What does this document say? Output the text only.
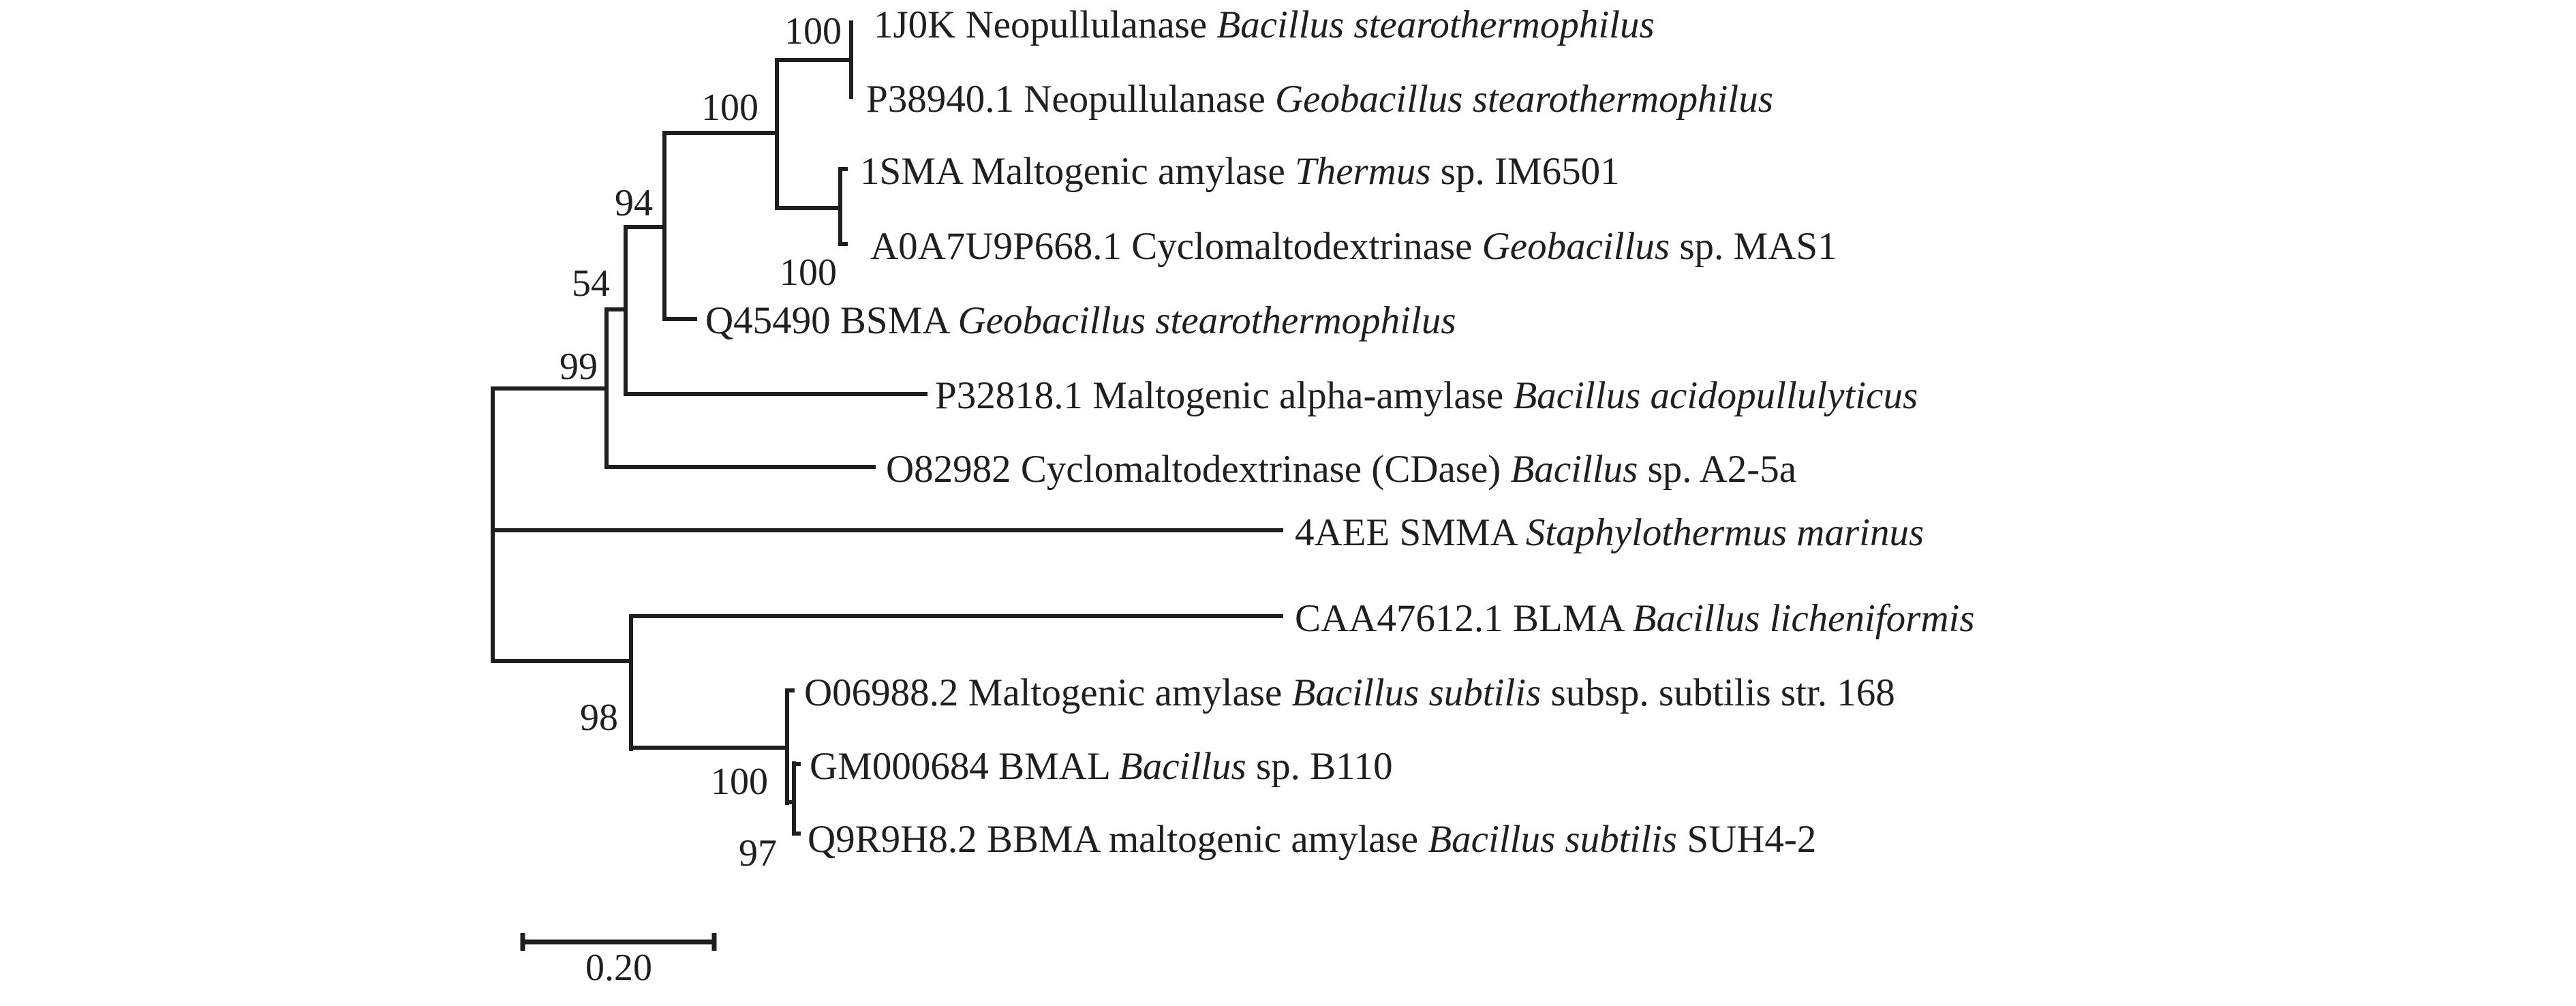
1J0K Neopullulanase Bacillus stearothermophilus
P38940.1 Neopullulanase Geobacillus stearothermophilus
1SMA Maltogenic amylase Thermus sp. IM6501
A0A7U9P668.1 Cyclomaltodextrinase Geobacillus sp. MAS1
Q45490 BSMA Geobacillus stearothermophilus
P32818.1 Maltogenic alpha-amylase Bacillus acidopullulyticus
O82982 Cyclomaltodextrinase (CDase) Bacillus sp. A2-5a
4AEE SMMA Staphylothermus marinus
CAA47612.1 BLMA Bacillus licheniformis
O06988.2 Maltogenic amylase Bacillus subtilis subsp. subtilis str. 168
GM000684 BMAL Bacillus sp. B110
Q9R9H8.2 BBMA maltogenic amylase Bacillus subtilis SUH4-2
100
100
100
94
54
99
98
100
97
0.20
